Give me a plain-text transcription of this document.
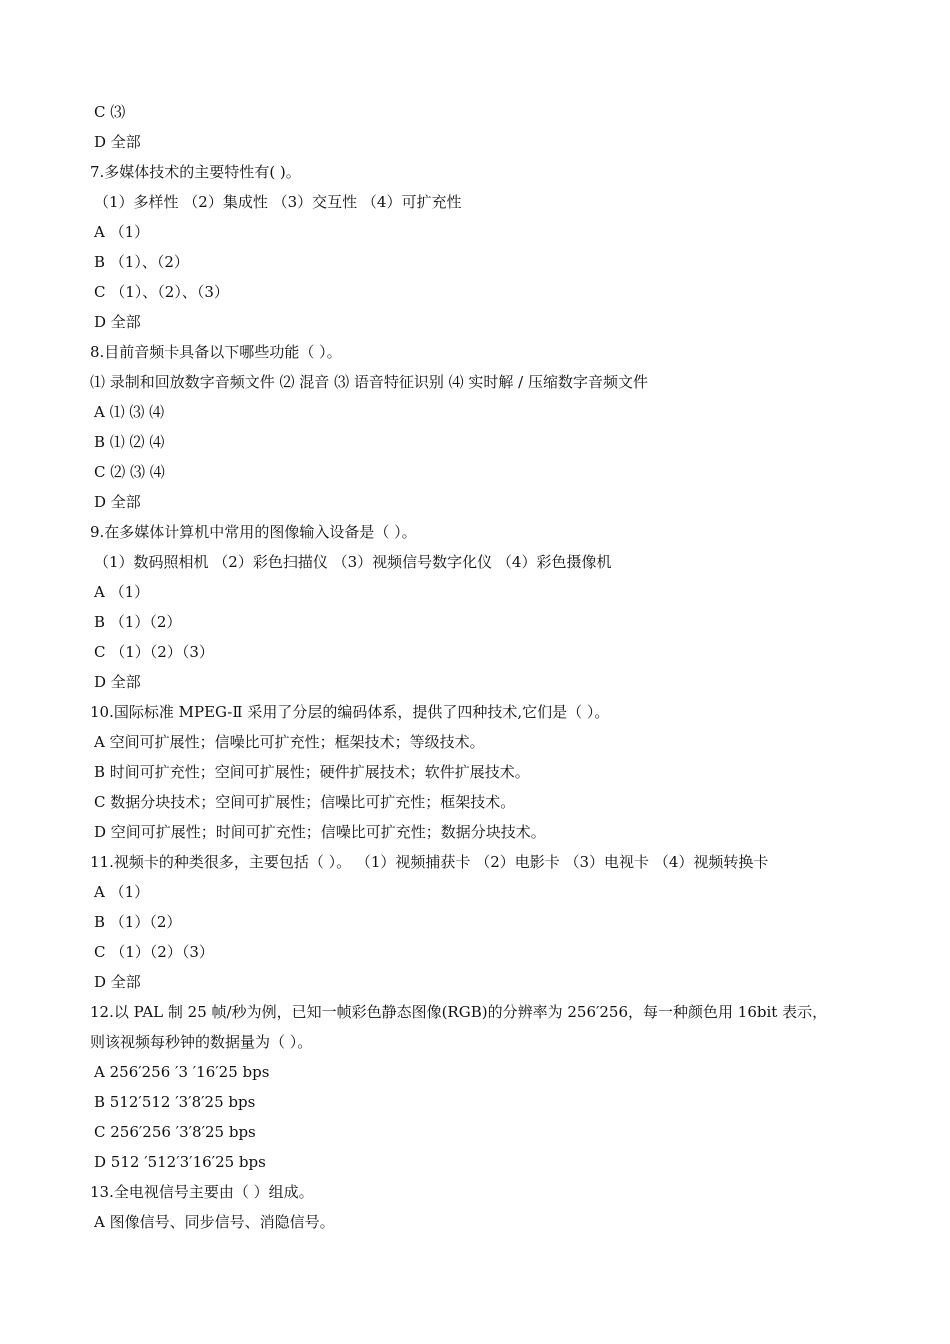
C ⑶
D 全部
7.多媒体技术的主要特性有( )。
（1）多样性 （2）集成性 （3）交互性 （4）可扩充性
A （1）
B （1）、（2）
C （1）、（2）、（3）
D 全部
8.目前音频卡具备以下哪些功能（ ）。
⑴ 录制和回放数字音频文件 ⑵ 混音 ⑶ 语音特征识别 ⑷ 实时解 / 压缩数字音频文件
A ⑴ ⑶ ⑷
B ⑴ ⑵ ⑷
C ⑵ ⑶ ⑷
D 全部
9.在多媒体计算机中常用的图像输入设备是（ ）。
（1）数码照相机 （2）彩色扫描仪 （3）视频信号数字化仪 （4）彩色摄像机
A （1）
B （1）（2）
C （1）（2）（3）
D 全部
10.国际标准 MPEG-Ⅱ 采用了分层的编码体系，提供了四种技术,它们是（ ）。
A 空间可扩展性；信噪比可扩充性；框架技术；等级技术。
B 时间可扩充性；空间可扩展性；硬件扩展技术；软件扩展技术。
C 数据分块技术；空间可扩展性；信噪比可扩充性；框架技术。
D 空间可扩展性；时间可扩充性；信噪比可扩充性；数据分块技术。
11.视频卡的种类很多，主要包括（ ）。 （1）视频捕获卡 （2）电影卡 （3）电视卡 （4）视频转换卡
A （1）
B （1）（2）
C （1）（2）（3）
D 全部
12.以 PAL 制 25 帧/秒为例，已知一帧彩色静态图像(RGB)的分辨率为 256′256，每一种颜色用 16bit 表示，
则该视频每秒钟的数据量为（ ）。
A 256′256 ′3 ′16′25 bps
B 512′512 ′3′8′25 bps
C 256′256 ′3′8′25 bps
D 512 ′512′3′16′25 bps
13.全电视信号主要由（ ）组成。
A 图像信号、同步信号、消隐信号。
